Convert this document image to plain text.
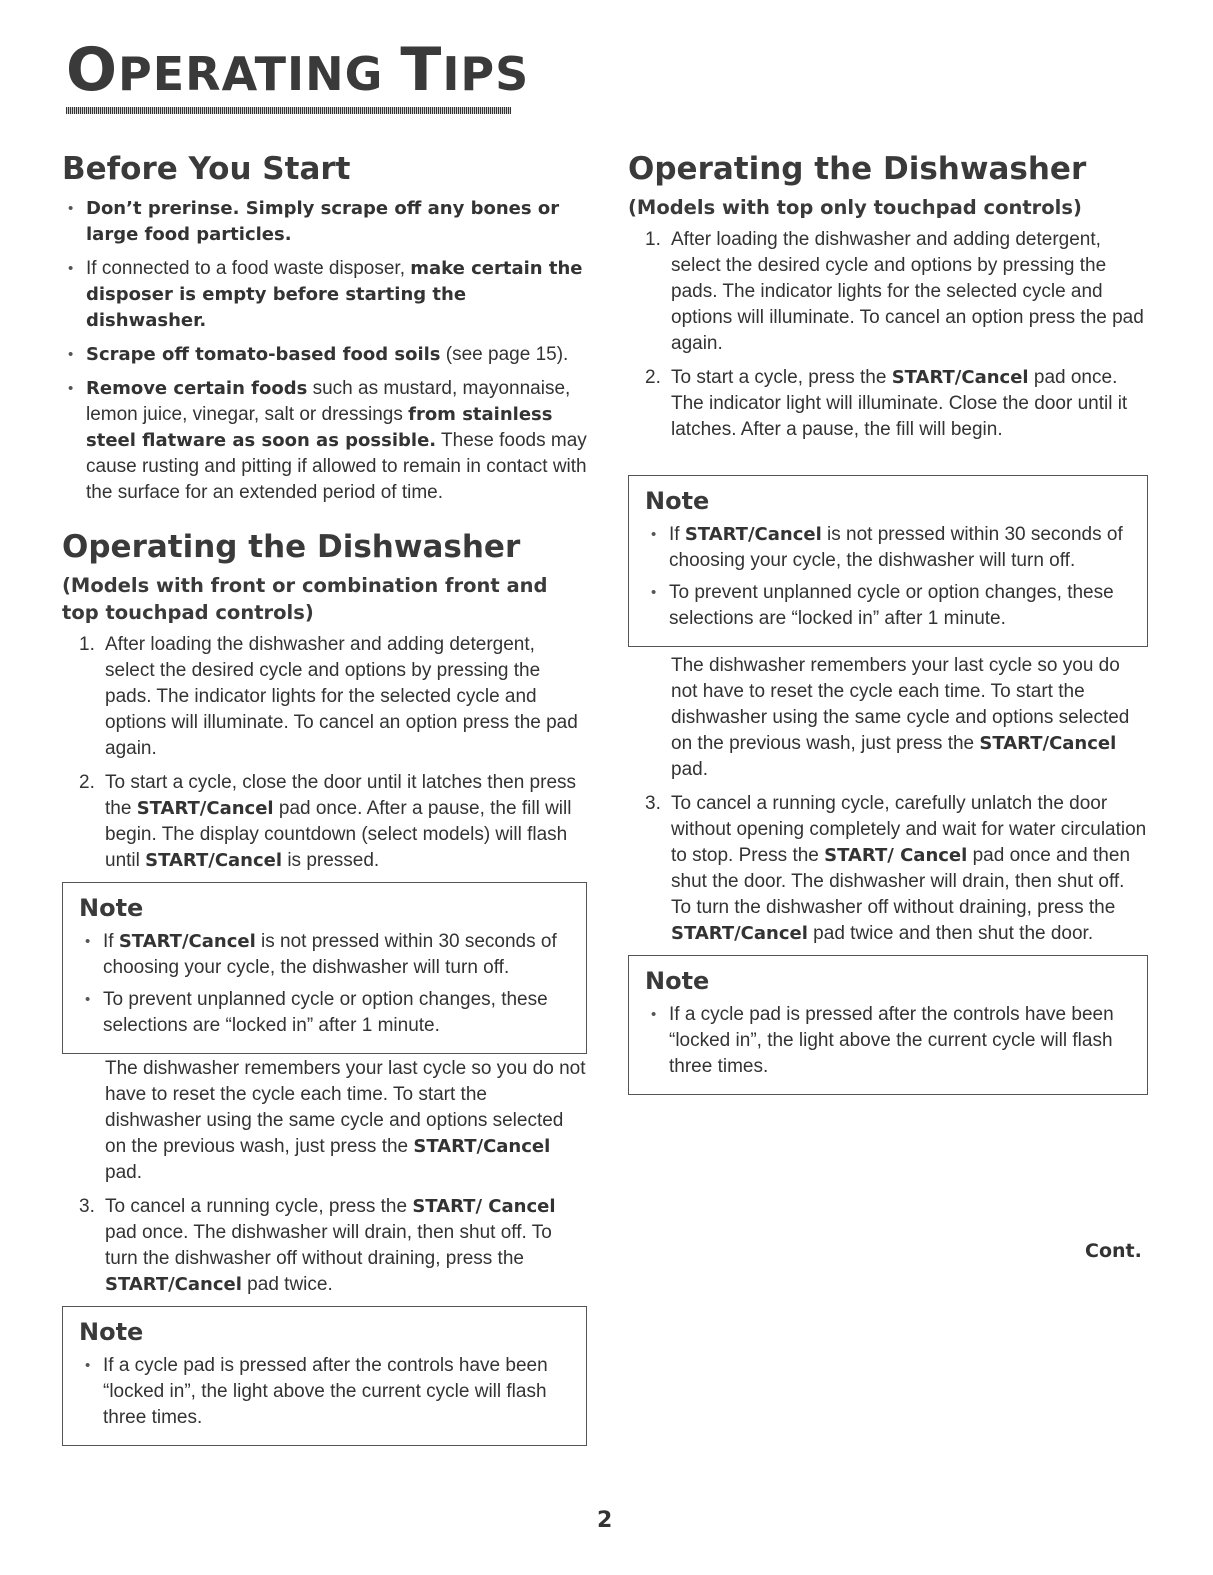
OPERATING TIPS
Before You Start
• Don’t prerinse. Simply scrape off any bones or large food particles.
• If connected to a food waste disposer, make certain the disposer is empty before starting the dishwasher.
• Scrape off tomato-based food soils (see page 15).
• Remove certain foods such as mustard, mayonnaise, lemon juice, vinegar, salt or dressings from stainless steel flatware as soon as possible. These foods may cause rusting and pitting if allowed to remain in contact with the surface for an extended period of time.
Operating the Dishwasher
(Models with front or combination front and top touchpad controls)
1. After loading the dishwasher and adding detergent, select the desired cycle and options by pressing the pads. The indicator lights for the selected cycle and options will illuminate. To cancel an option press the pad again.
2. To start a cycle, close the door until it latches then press the START/Cancel pad once. After a pause, the fill will begin. The display countdown (select models) will flash until START/Cancel is pressed.
Note
• If START/Cancel is not pressed within 30 seconds of choosing your cycle, the dishwasher will turn off.
• To prevent unplanned cycle or option changes, these selections are “locked in” after 1 minute.

The dishwasher remembers your last cycle so you do not have to reset the cycle each time. To start the dishwasher using the same cycle and options selected on the previous wash, just press the START/Cancel pad.

3. To cancel a running cycle, press the START/ Cancel pad once. The dishwasher will drain, then shut off. To turn the dishwasher off without draining, press the START/Cancel pad twice.
Note
• If a cycle pad is pressed after the controls have been “locked in”, the light above the current cycle will flash three times.
Operating the Dishwasher
(Models with top only touchpad controls)
1. After loading the dishwasher and adding detergent, select the desired cycle and options by pressing the pads. The indicator lights for the selected cycle and options will illuminate. To cancel an option press the pad again.
2. To start a cycle, press the START/Cancel pad once. The indicator light will illuminate. Close the door until it latches. After a pause, the fill will begin.
Note
• If START/Cancel is not pressed within 30 seconds of choosing your cycle, the dishwasher will turn off.
• To prevent unplanned cycle or option changes, these selections are “locked in” after 1 minute.

The dishwasher remembers your last cycle so you do not have to reset the cycle each time. To start the dishwasher using the same cycle and options selected on the previous wash, just press the START/Cancel pad.

3. To cancel a running cycle, carefully unlatch the door without opening completely and wait for water circulation to stop. Press the START/ Cancel pad once and then shut the door. The dishwasher will drain, then shut off. To turn the dishwasher off without draining, press the START/Cancel pad twice and then shut the door.
Note
• If a cycle pad is pressed after the controls have been “locked in”, the light above the current cycle will flash three times.
Cont.
2
